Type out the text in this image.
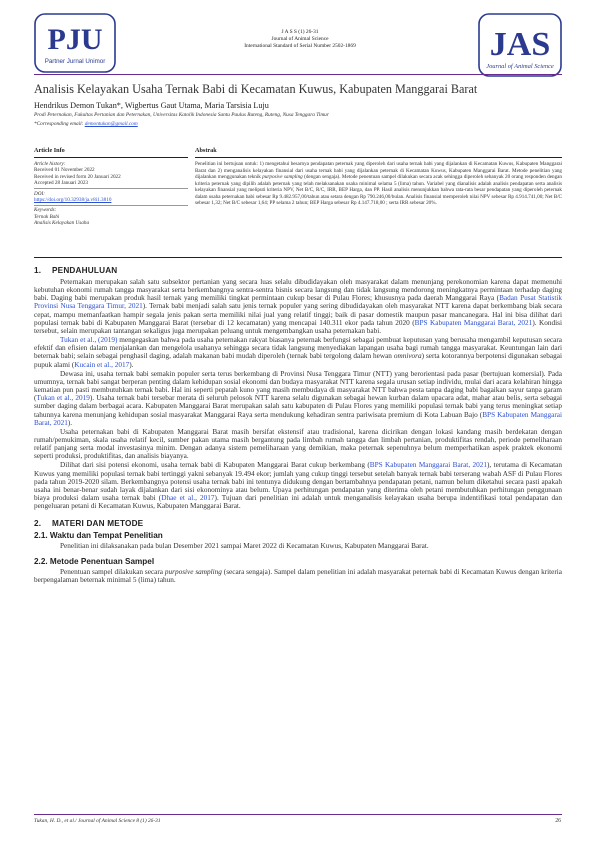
PJU
Partner Jurnal Unimor
J A S S (1) 26-31
Journal of Animal Science
International Standard of Serial Number 2502-1869	JAS
Journal of Animal Science
Analisis Kelayakan Usaha Ternak Babi di Kecamatan Kuwus, Kabupaten Manggarai Barat
Hendrikus Demon Tukan*, Wigbertus Gaut Utama, Maria Tarsisia Luju
Prodi Peternakan, Fakultas Pertanian dan Peternakan, Universitas Katolik Indonesia Santu Paulus Ruteng, Ruteng, Nusa Tenggara Timur
*Corresponding email: demontukan@gmail.com
Article Info
Article history:
Received 01 November 2022
Received in revised form 20 Januari 2022
Accepted 28 Januari 2023
DOI:
https://doi.org/10.32938/ja.v8i1.3810
Keywords:
Ternak Babi
Analisis Kelayakan Usaha
Abstrak
Penelitian ini bertujuan untuk: 1) mengetahui besarnya pendapatan peternak yang diperoleh dari usaha ternak babi yang dijalankan di Kecamatan Kuwus, Kabupaten Manggarai Barat dan 2) menganalisis kelayakan finansial dari usaha ternak babi yang dijalankan peternak di Kecamatan Kuwus, Kabupaten Manggarai Barat. Metode penelitian yang dijalankan menggunakan teknik purposive sampling (dengan sengaja). Metode penentuan sampel dilakukan secara acak sehingga diperoleh sebanyak 20 orang responden dengan kriteria peternak yang dipilih adalah peternak yang telah melaksanakan usaha minimal selama 5 (lima) tahun. Variabel yang dianalisis adalah analisis pendapatan serta analisis kelayakan finansial yang meliputi kriteria NPV, Net B/C, R/C, IRR, BEP Harga, dan PP. Hasil analisis menunjukkan bahwa rata-rata besar pendapatan yang diperoleh peternak dalam usaha peternakan babi sebesar Rp 9.482.957,00/tahun atau setara dengan Rp 790.246,00/bulan. Analisis finansial memperoleh nilai NPV sebesar Rp 4.914.741,00; Net B/C sebesar 1,32; Net B/C sebesar 1,64; PP selama 2 tahun; BEP Harga sebesar Rp 4.147.718,00 ; serta IRR sebesar 20%.
1. PENDAHULUAN

Peternakan merupakan salah satu subsektor pertanian yang secara luas selalu dibudidayakan oleh masyarakat dalam menunjang perekonomian karena dapat memenuhi kebutuhan ekonomi rumah tangga masyarakat serta berkembangnya sentra-sentra bisnis secara langsung dan tidak langsung mendorong meningkatnya permintaan terhadap daging babi. Daging babi merupakan produk hasil ternak yang memiliki tingkat permintaan cukup besar di Pulau Flores; khususnya pada daerah Manggarai Raya (Badan Pusat Statistik Provinsi Nusa Tenggara Timur, 2021). Ternak babi menjadi salah satu jenis ternak populer yang sering dibudidayakan oleh masyarakat NTT karena dapat berkembang biak secara cepat, mampu memanfaatkan hampir segala jenis pakan serta memiliki nilai jual yang relatif tinggi; baik di pasar domestik maupun pasar mancanegara. Hal ini bisa dilihat dari populasi ternak babi di Kabupaten Manggarai Barat (tersebar di 12 kecamatan) yang mencapai 140.311 ekor pada tahun 2020 (BPS Kabupaten Manggarai Barat, 2021). Kondisi tersebut, selain merupakan tantangan sekaligus juga merupakan peluang untuk mengembangkan usaha peternakan babi.

Tukan et al., (2019) mengegaskan bahwa pada usaha peternakan rakyat biasanya peternak berfungsi sebagai pembuat keputusan yang berusaha mengambil keputusan secara efektif dan efisien dalam menjalankan dan mengelola usahanya sehingga secara tidak langsung menyediakan lapangan usaha bagi rumah tangga masyarakat. Keuntungan lain dari beternak babi; selain sebagai penghasil daging, adalah makanan babi mudah diperoleh (ternak babi tergolong dalam hewan omnivora) serta kotorannya berpotensi digunakan sebagai pupuk alami (Kucain et al., 2017).

Dewasa ini, usaha ternak babi semakin populer serta terus berkembang di Provinsi Nusa Tenggara Timur (NTT) yang berorientasi pada pasar (bertujuan komersial). Pada umumnya, ternak babi sangat berperan penting dalam kehidupan sosial ekonomi dan budaya masyarakat NTT karena segala urusan setiap individu, mulai dari acara kelahiran hingga kematian pun pasti membutuhkan ternak babi. Hal ini seperti pepatah kuno yang masih membudaya di masyarakat NTT bahwa pesta tanpa daging babi bagaikan sayur tanpa garam (Tukan et al., 2019). Usaha ternak babi tersebar merata di seluruh pelosok NTT karena selalu digunakan sebagai hewan kurban dalam upacara adat, mahar atau belis, serta sebagai sumber daging dalam berbagai acara. Kabupaten Manggarai Barat merupakan salah satu kabupaten di Pulau Flores yang memiliki populasi ternak babi yang terus meningkat setiap tahunnya karena menunjang kehidupan sosial masyarakat Manggarai Raya serta mendukung kehadiran sentra pariwisata premium di Kota Labuan Bajo (BPS Kabupaten Manggarai Barat, 2021).

Usaha peternakan babi di Kabupaten Manggarai Barat masih bersifat ekstensif atau tradisional, karena dicirikan dengan lokasi kandang masih berdekatan dengan rumah/pemukiman, skala usaha relatif kecil, sumber pakan utama masih bergantung pada limbah rumah tangga dan limbah pertanian, produktifitas rendah, periode pemeliharaan relatif panjang serta modal investasinya minim. Dengan adanya sistem pemeliharaan yang demikian, maka peternak sepenuhnya belum memperhatikan aspek praktek ekonomi seperti produksi, produktifitas, dan analisis biayanya.

Dilihat dari sisi potensi ekonomi, usaha ternak babi di Kabupaten Manggarai Barat cukup berkembang (BPS Kabupaten Manggarai Barat, 2021), terutama di Kecamatan Kuwus yang memiliki populasi ternak babi tertinggi yakni sebanyak 19.494 ekor; jumlah yang cukup tinggi tersebut setelah banyak ternak babi terserang wabah ASF di Pulau Flores pada tahun 2019-2020 silam. Berkembangnya potensi usaha ternak babi ini tentunya didukung dengan bertambahnya pendapatan petani, namun belum diketahui secara pasti apakah usaha ini benar-benar sudah layak dijalankan dari sisi ekonominya atau belum. Upaya perhitungan pendapatan yang diterima oleh petani membutuhkan perhitungan penggunaan biaya produksi dalam usaha ternak babi (Dhae et al., 2017). Tujuan dari penelitian ini adalah untuk menganalisis kelayakan usaha berupa indentifikasi total pendapatan dan pengeluaran petani di Kecamatan Kuwus, Kabupaten Manggarai Barat.

2. MATERI DAN METODE
2.1. Waktu dan Tempat Penelitian

Penelitian ini dilaksanakan pada bulan Desember 2021 sampai Maret 2022 di Kecamatan Kuwus, Kabupaten Manggarai Barat.

2.2. Metode Penentuan Sampel

Penentuan sampel dilakukan secara purposive sampling (secara sengaja). Sampel dalam penelitian ini adalah masyarakat peternak babi di Kecamatan Kuwus dengan kriteria berpengalaman beternak minimal 5 (lima) tahun.

Tukan, H. D., et al./ Journal of Animal Science 8 (1) 26-31	26
